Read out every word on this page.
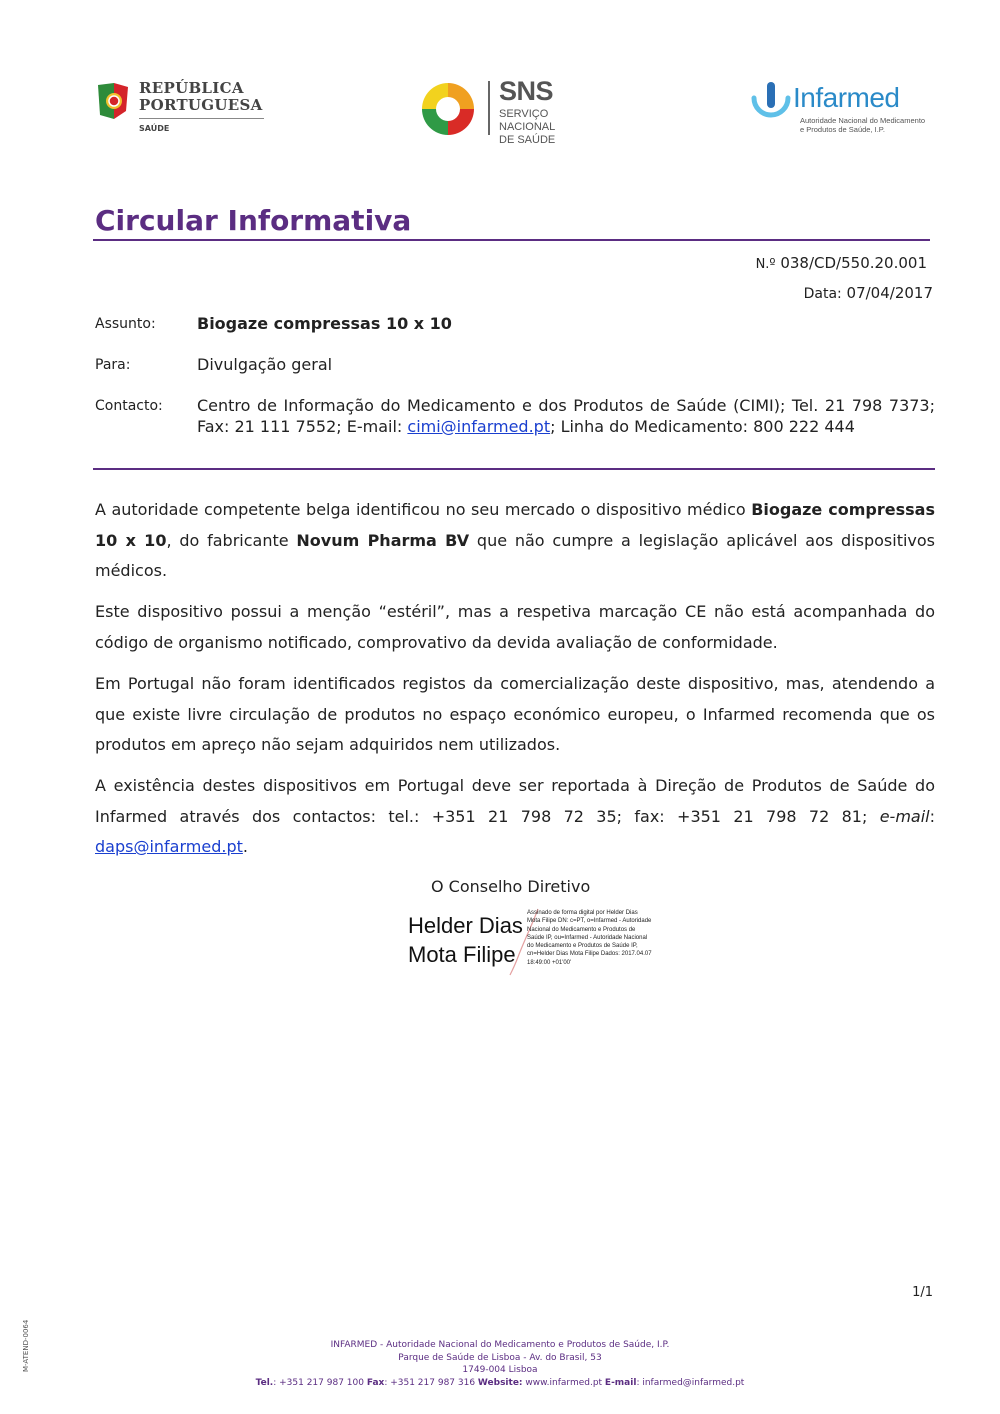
REPÚBLICA
PORTUGUESA
SAÚDE
SNS
SERVIÇO NACIONAL
DE SAÚDE
Infarmed
Autoridade Nacional do Medicamento
e Produtos de Saúde, I.P.
Circular Informativa
N.º 038/CD/550.20.001
Data: 07/04/2017
Assunto:	Biogaze compressas 10 x 10
Para:	Divulgação geral
Contacto: Centro de Informação do Medicamento e dos Produtos de Saúde (CIMI); Tel. 21 798 7373; Fax: 21 111 7552; E-mail: cimi@infarmed.pt; Linha do Medicamento: 800 222 444
A autoridade competente belga identificou no seu mercado o dispositivo médico Biogaze compressas 10 x 10, do fabricante Novum Pharma BV que não cumpre a legislação aplicável aos dispositivos médicos.
Este dispositivo possui a menção “estéril”, mas a respetiva marcação CE não está acompanhada do código de organismo notificado, comprovativo da devida avaliação de conformidade.
Em Portugal não foram identificados registos da comercialização deste dispositivo, mas, atendendo a que existe livre circulação de produtos no espaço económico europeu, o Infarmed recomenda que os produtos em apreço não sejam adquiridos nem utilizados.
A existência destes dispositivos em Portugal deve ser reportada à Direção de Produtos de Saúde do Infarmed através dos contactos: tel.: +351 21 798 72 35; fax: +351 21 798 72 81; e-mail: daps@infarmed.pt.
O Conselho Diretivo
Helder Dias
Mota Filipe
Assinado de forma digital por Helder Dias Mota Filipe DN: c=PT, o=Infarmed - Autoridade Nacional do Medicamento e Produtos de Saúde IP, ou=Infarmed - Autoridade Nacional do Medicamento e Produtos de Saúde IP, cn=Helder Dias Mota Filipe Dados: 2017.04.07 18:49:00 +01'00'
1/1
M-ATEND-0064	INFARMED - Autoridade Nacional do Medicamento e Produtos de Saúde, I.P.
Parque de Saúde de Lisboa - Av. do Brasil, 53
1749-004 Lisboa
Tel.: +351 217 987 100 Fax: +351 217 987 316 Website: www.infarmed.pt E-mail: infarmed@infarmed.pt
